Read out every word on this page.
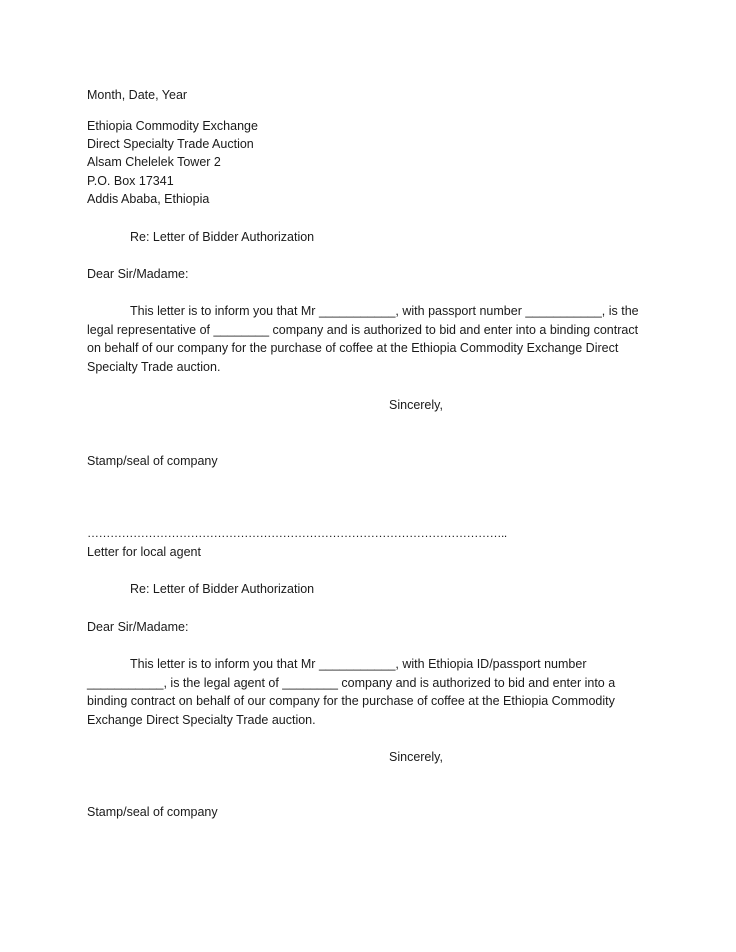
Month, Date, Year
Ethiopia Commodity Exchange
Direct Specialty Trade Auction
Alsam Chelelek Tower 2
P.O. Box 17341
Addis Ababa, Ethiopia
Re: Letter of Bidder Authorization
Dear Sir/Madame:

This letter is to inform you that Mr ___________, with passport number ___________, is the legal representative of ________ company and is authorized to bid and enter into a binding contract on behalf of our company for the purchase of coffee at the Ethiopia Commodity Exchange Direct Specialty Trade auction.

Sincerely,
Stamp/seal of company
………………………………………………………………………………………………..
Letter for local agent
Re: Letter of Bidder Authorization
Dear Sir/Madame:

This letter is to inform you that Mr ___________, with Ethiopia ID/passport number ___________, is the legal agent of ________ company and is authorized to bid and enter into a binding contract on behalf of our company for the purchase of coffee at the Ethiopia Commodity Exchange Direct Specialty Trade auction.

Sincerely,
Stamp/seal of company
